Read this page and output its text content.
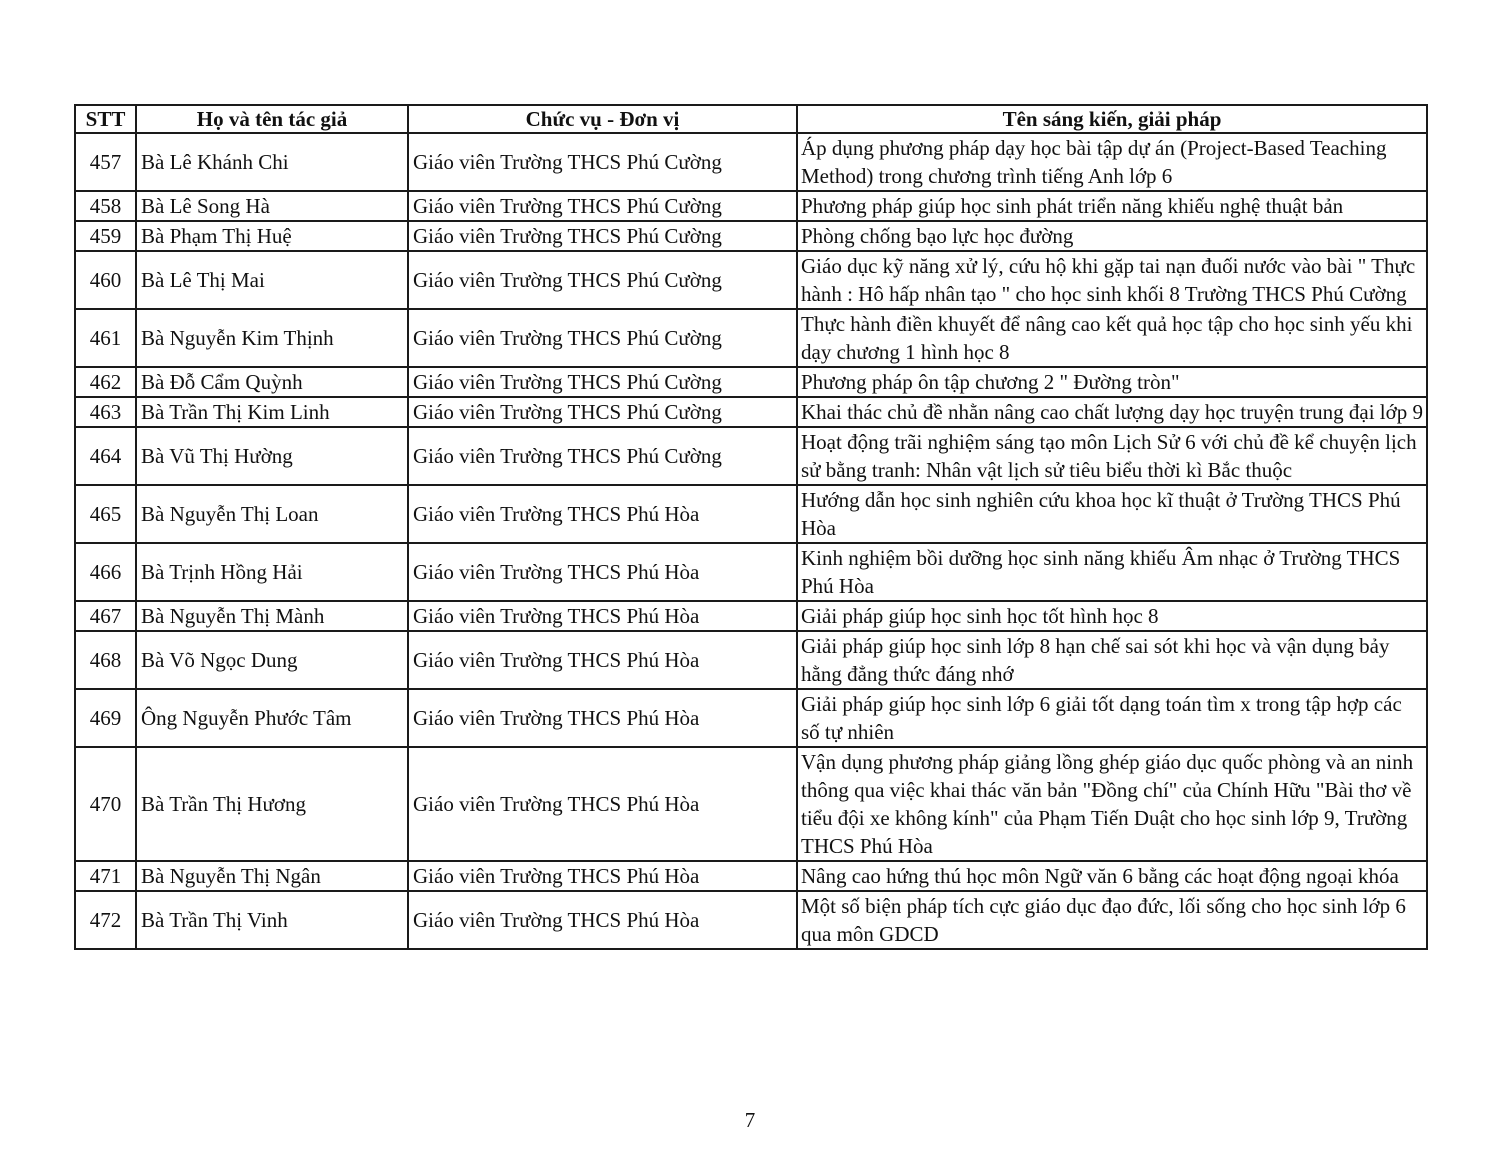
STT	Họ và tên tác giả	Chức vụ - Đơn vị	Tên sáng kiến, giải pháp
457	Bà Lê Khánh Chi	Giáo viên Trường THCS Phú Cường	Áp dụng phương pháp dạy học bài tập dự án (Project-Based Teaching Method) trong chương trình tiếng Anh lớp 6
458	Bà Lê Song Hà	Giáo viên Trường THCS Phú Cường	Phương pháp giúp học sinh phát triển năng khiếu nghệ thuật bản
459	Bà Phạm Thị Huệ	Giáo viên Trường THCS Phú Cường	Phòng chống bạo lực học đường
460	Bà Lê Thị Mai	Giáo viên Trường THCS Phú Cường	Giáo dục kỹ năng xử lý, cứu hộ khi gặp tai nạn đuối nước vào bài " Thực hành : Hô hấp nhân tạo " cho học sinh khối 8 Trường THCS Phú Cường
461	Bà Nguyễn Kim Thịnh	Giáo viên Trường THCS Phú Cường	Thực hành điền khuyết để nâng cao kết quả học tập cho học sinh yếu khi dạy chương 1 hình học 8
462	Bà Đỗ Cẩm Quỳnh	Giáo viên Trường THCS Phú Cường	Phương pháp ôn tập chương 2 " Đường tròn"
463	Bà Trần Thị Kim Linh	Giáo viên Trường THCS Phú Cường	Khai thác chủ đề nhằn nâng cao chất lượng dạy học truyện trung đại lớp 9
464	Bà Vũ Thị Hường	Giáo viên Trường THCS Phú Cường	Hoạt động trãi nghiệm sáng tạo môn Lịch Sử 6 với chủ đề kể chuyện lịch sử bằng tranh: Nhân vật lịch sử tiêu biểu thời kì Bắc thuộc
465	Bà Nguyễn Thị Loan	Giáo viên Trường THCS Phú Hòa	Hướng dẫn học sinh nghiên cứu khoa học kĩ thuật ở Trường THCS Phú Hòa
466	Bà Trịnh Hồng Hải	Giáo viên Trường THCS Phú Hòa	Kinh nghiệm bồi dưỡng học sinh năng khiếu Âm nhạc ở Trường THCS Phú Hòa
467	Bà Nguyễn Thị Mành	Giáo viên Trường THCS Phú Hòa	Giải pháp giúp học sinh học tốt hình học 8
468	Bà Võ Ngọc Dung	Giáo viên Trường THCS Phú Hòa	Giải pháp giúp học sinh lớp 8 hạn chế sai sót khi học và vận dụng bảy hằng đẳng thức đáng nhớ
469	Ông Nguyễn Phước Tâm	Giáo viên Trường THCS Phú Hòa	Giải pháp giúp học sinh lớp 6 giải tốt dạng toán tìm x trong tập hợp các số tự nhiên
470	Bà Trần Thị Hương	Giáo viên Trường THCS Phú Hòa	Vận dụng phương pháp giảng lồng ghép giáo dục quốc phòng và an ninh thông qua việc khai thác văn bản "Đồng chí" của Chính Hữu "Bài thơ về tiểu đội xe không kính" của Phạm Tiến Duật cho học sinh lớp 9, Trường THCS Phú Hòa
471	Bà Nguyễn Thị Ngân	Giáo viên Trường THCS Phú Hòa	Nâng cao hứng thú học môn Ngữ văn 6 bằng các hoạt động ngoại khóa
472	Bà Trần Thị Vinh	Giáo viên Trường THCS Phú Hòa	Một số biện pháp tích cực giáo dục đạo đức, lối sống cho học sinh lớp 6 qua môn GDCD
7
